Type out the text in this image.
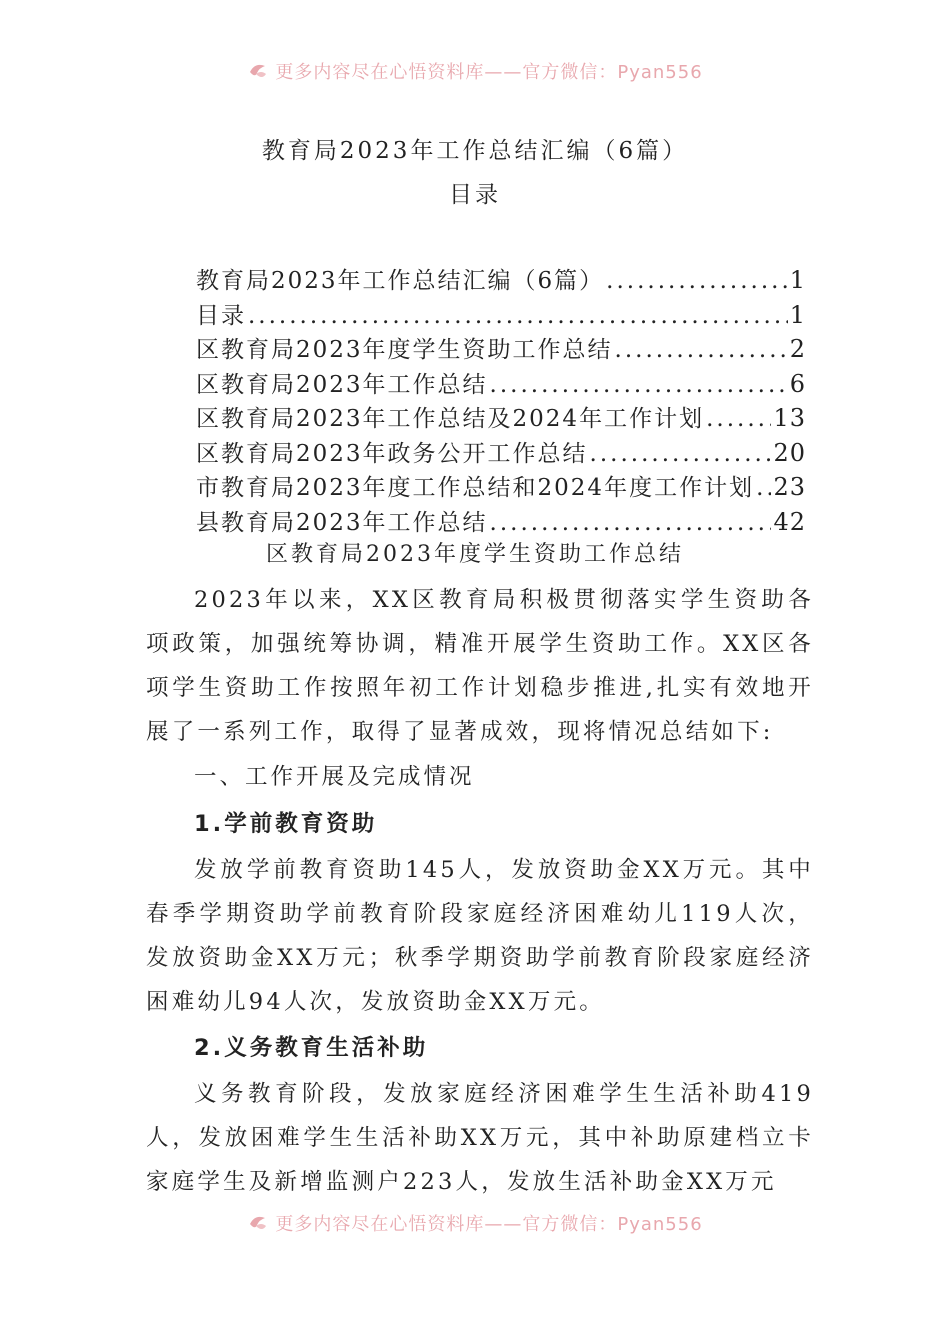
更多内容尽在心悟资料库——官方微信：Pyan556
教育局2023年工作总结汇编（6篇）
目录
教育局2023年工作总结汇编（6篇） .....	1
目录 .....	1
区教育局2023年度学生资助工作总结 .....	2
区教育局2023年工作总结 .....	6
区教育局2023年工作总结及2024年工作计划 .....	13
区教育局2023年政务公开工作总结 .....	20
市教育局2023年度工作总结和2024年度工作计划 ..... 23
县教育局2023年工作总结 .....	42
区教育局2023年度学生资助工作总结

2023年以来，XX区教育局积极贯彻落实学生资助各项政策，加强统筹协调，精准开展学生资助工作。XX区各项学生资助工作按照年初工作计划稳步推进,扎实有效地开展了一系列工作，取得了显著成效，现将情况总结如下:

一、工作开展及完成情况

1.学前教育资助

发放学前教育资助145人，发放资助金XX万元。其中春季学期资助学前教育阶段家庭经济困难幼儿119人次，发放资助金XX万元；秋季学期资助学前教育阶段家庭经济困难幼儿94人次，发放资助金XX万元。

2.义务教育生活补助

义务教育阶段，发放家庭经济困难学生生活补助419人，发放困难学生生活补助XX万元，其中补助原建档立卡家庭学生及新增监测户223人，发放生活补助金XX万元

更多内容尽在心悟资料库——官方微信：Pyan556
